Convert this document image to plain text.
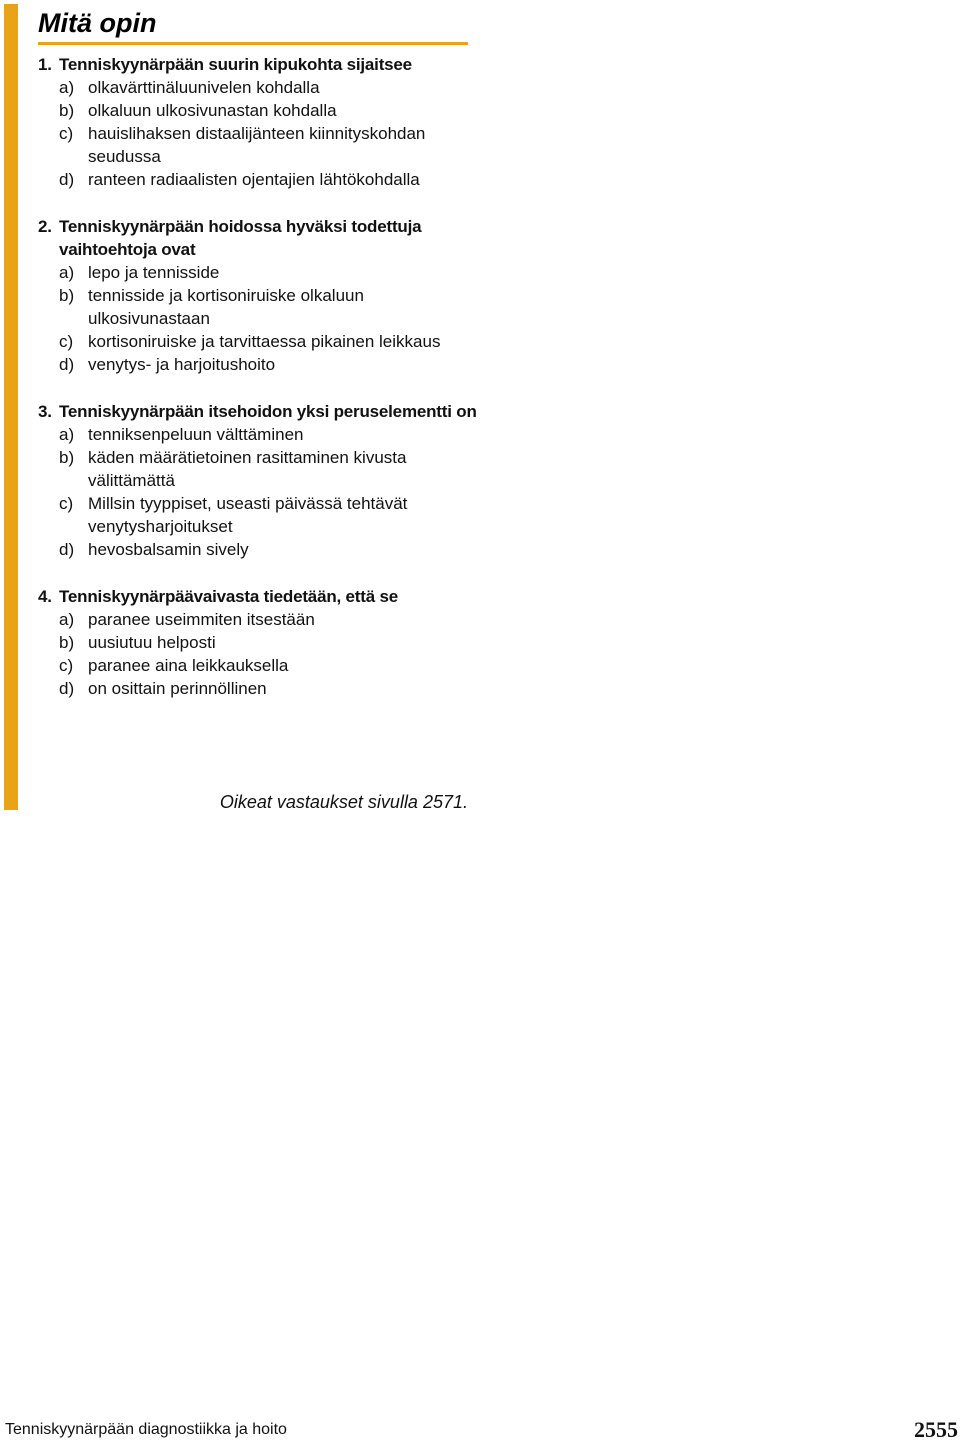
Mitä opin
1. Tenniskyynärpään suurin kipukohta sijaitsee
a) olkavärttinäluunivelen kohdalla
b) olkaluun ulkosivunastan kohdalla
c) hauislihaksen distaalijänteen kiinnityskohdan seudussa
d) ranteen radiaalisten ojentajien lähtökohdalla
2. Tenniskyynärpään hoidossa hyväksi todettuja vaihtoehtoja ovat
a) lepo ja tennisside
b) tennisside ja kortisoniruiske olkaluun ulkosivunastaan
c) kortisoniruiske ja tarvittaessa pikainen leikkaus
d) venytys- ja harjoitushoito
3. Tenniskyynärpään itsehoidon yksi peruselementti on
a) tenniksenpeluun välttäminen
b) käden määrätietoinen rasittaminen kivusta välittämättä
c) Millsin tyyppiset, useasti päivässä tehtävät venytysharjoitukset
d) hevosbalsamin sively
4. Tenniskyynärpäävaivasta tiedetään, että se
a) paranee useimmiten itsestään
b) uusiutuu helposti
c) paranee aina leikkauksella
d) on osittain perinnöllinen
Oikeat vastaukset sivulla 2571.
Tenniskyynärpään diagnostiikka ja hoito	2555
